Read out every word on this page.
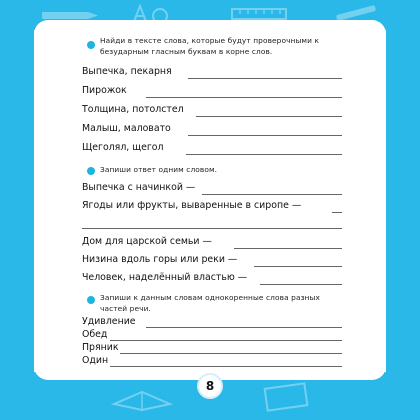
Найди в тексте слова, которые будут проверочными к безударным гласным буквам в корне слов.
Выпечка, пекарня
Пирожок
Толщина, потолстел
Малыш, маловато
Щеголял, щегол
Запиши ответ одним словом.
Выпечка с начинкой —
Ягоды или фрукты, вываренные в сиропе —
Дом для царской семьи —
Низина вдоль горы или реки —
Человек, наделённый властью —
Запиши к данным словам однокоренные слова разных частей речи.
Удивление
Обед
Пряник
Один
8
